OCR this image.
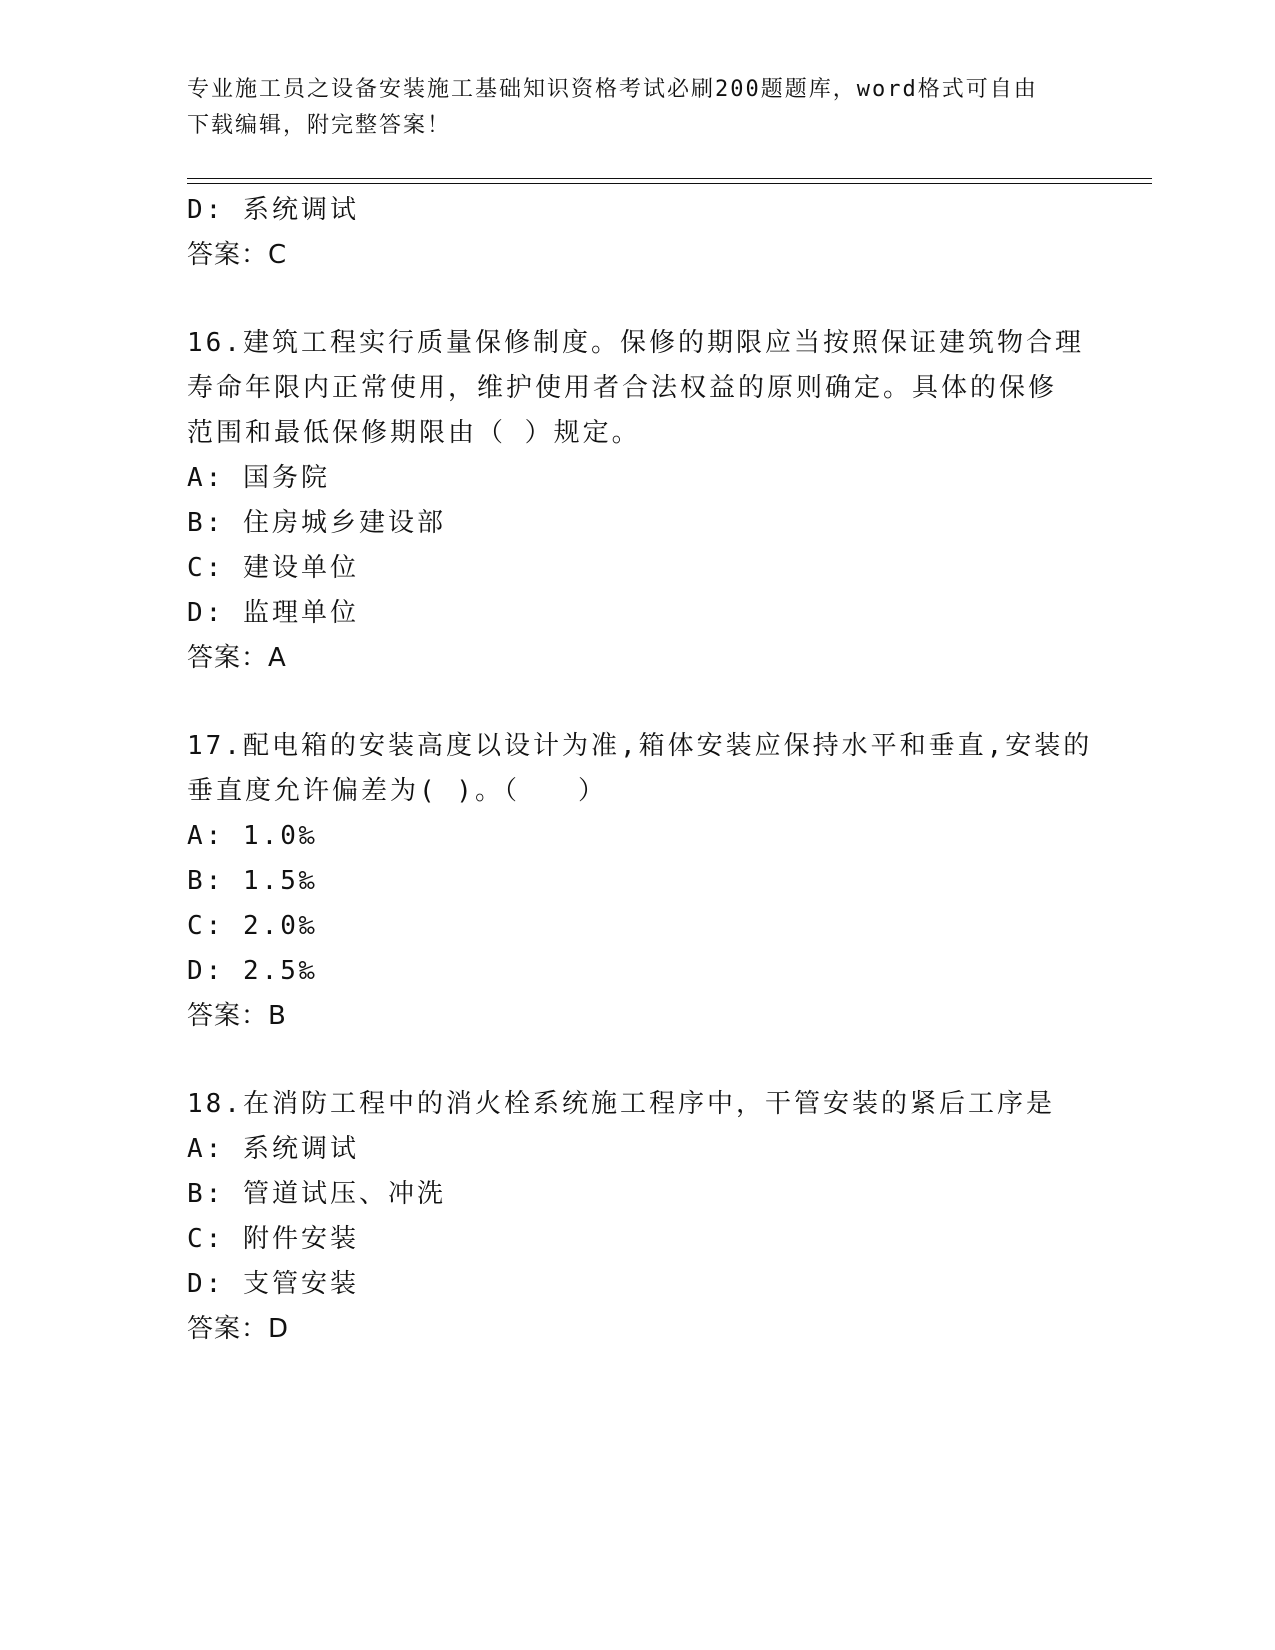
专业施工员之设备安装施工基础知识资格考试必刷200题题库，word格式可自由
下载编辑，附完整答案！
D: 系统调试
答案：C
16.建筑工程实行质量保修制度。保修的期限应当按照保证建筑物合理
寿命年限内正常使用，维护使用者合法权益的原则确定。具体的保修
范围和最低保修期限由（ ）规定。
A: 国务院
B: 住房城乡建设部
C: 建设单位
D: 监理单位
答案：A
17.配电箱的安装高度以设计为准,箱体安装应保持水平和垂直,安装的
垂直度允许偏差为( )。（　　）
A: 1.0‰
B: 1.5‰
C: 2.0‰
D: 2.5‰
答案：B
18.在消防工程中的消火栓系统施工程序中，干管安装的紧后工序是
A: 系统调试
B: 管道试压、冲洗
C: 附件安装
D: 支管安装
答案：D
